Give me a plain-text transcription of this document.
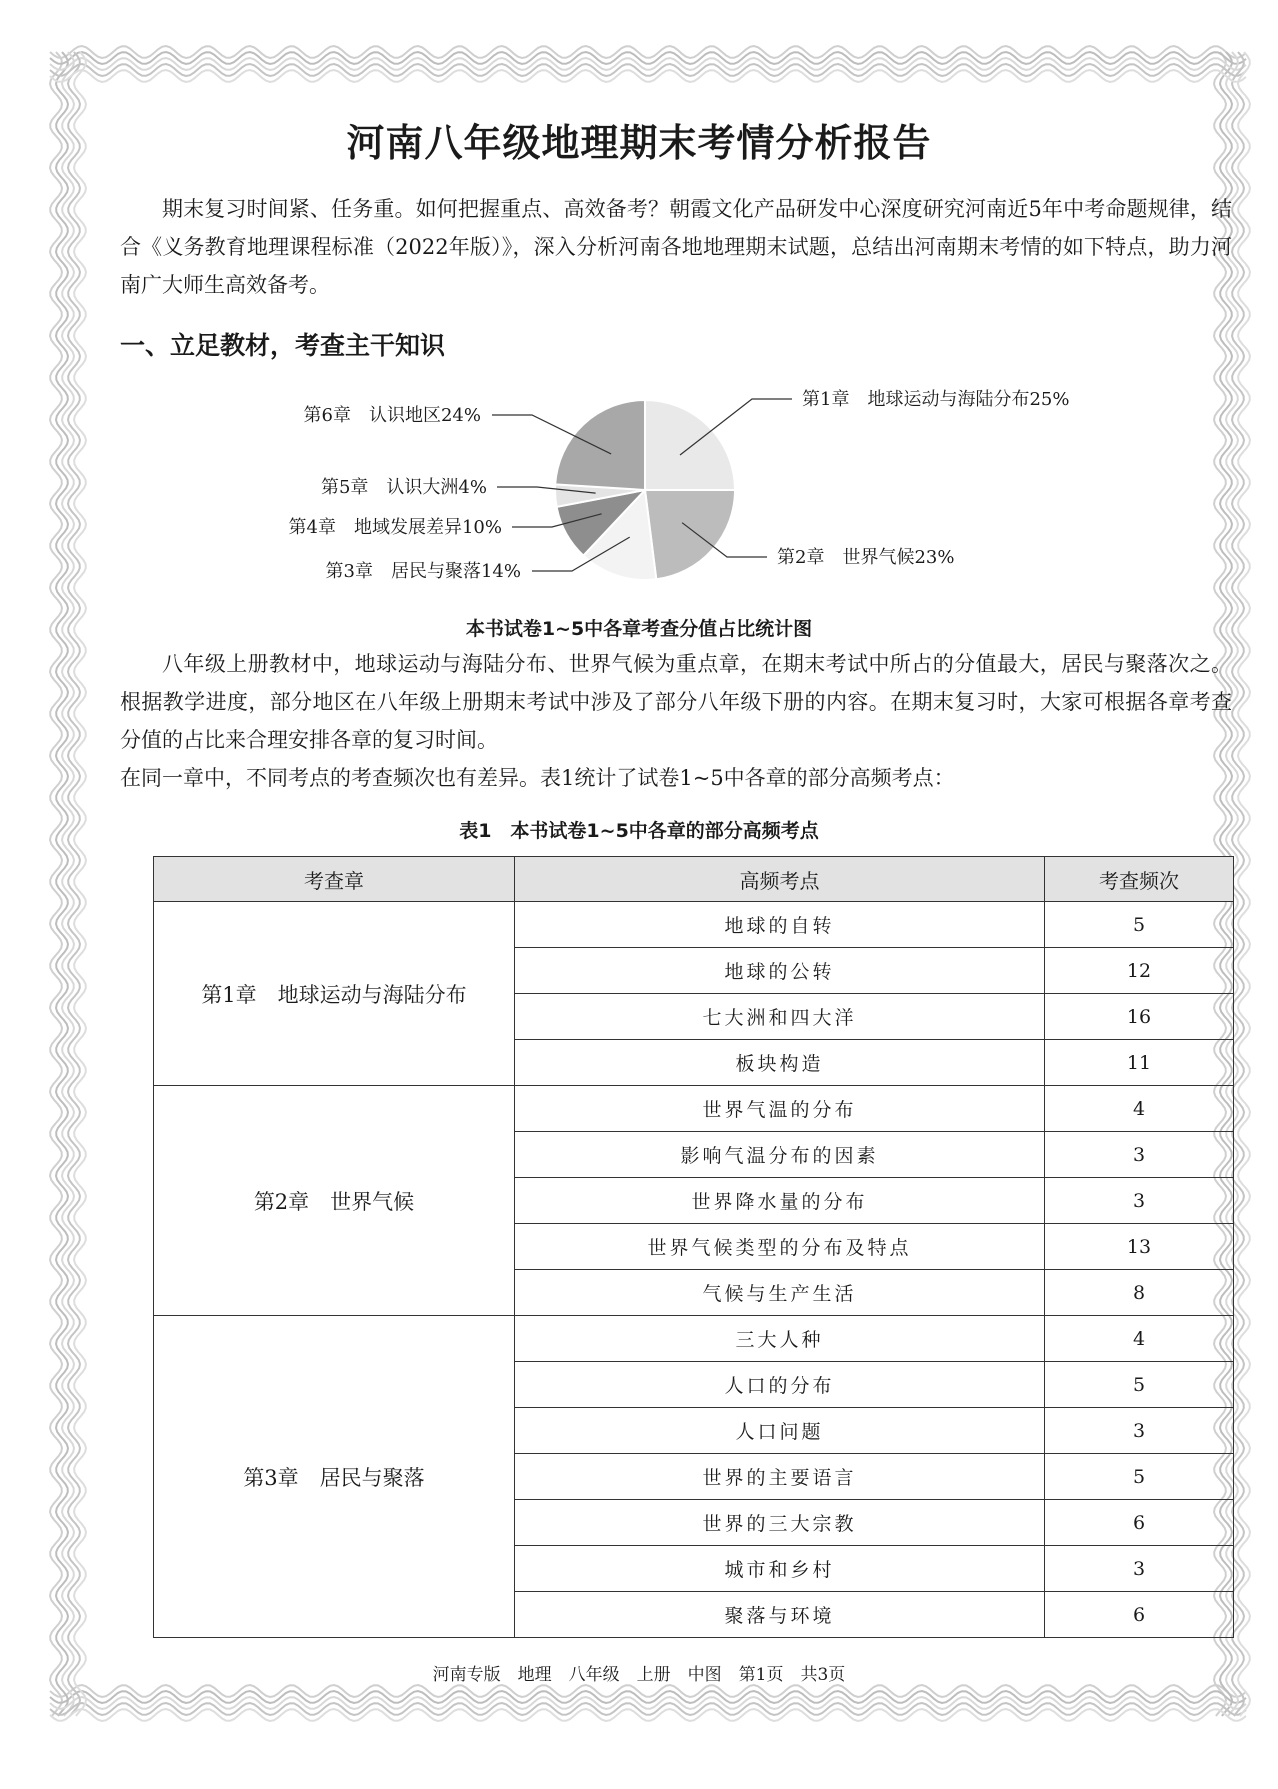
河南八年级地理期末考情分析报告

期末复习时间紧、任务重。如何把握重点、高效备考？朝霞文化产品研发中心深度研究河南近5年中考命题规律，结合《义务教育地理课程标准（2022年版）》，深入分析河南各地地理期末试题，总结出河南期末考情的如下特点，助力河南广大师生高效备考。

一、立足教材，考查主干知识
第1章　地球运动与海陆分布25%
第2章　世界气候23%
第3章　居民与聚落14%
第4章　地域发展差异10%
第5章　认识大洲4%
第6章　认识地区24%
本书试卷1~5中各章考查分值占比统计图

八年级上册教材中，地球运动与海陆分布、世界气候为重点章，在期末考试中所占的分值最大，居民与聚落次之。根据教学进度，部分地区在八年级上册期末考试中涉及了部分八年级下册的内容。在期末复习时，大家可根据各章考查分值的占比来合理安排各章的复习时间。
在同一章中，不同考点的考查频次也有差异。表1统计了试卷1~5中各章的部分高频考点：

表1　本书试卷1~5中各章的部分高频考点
考查章	高频考点	考查频次
第1章　地球运动与海陆分布	地球的自转	5
	地球的公转	12
	七大洲和四大洋	16
	板块构造	11
第2章　世界气候	世界气温的分布	4
	影响气温分布的因素	3
	世界降水量的分布	3
	世界气候类型的分布及特点	13
	气候与生产生活	8
第3章　居民与聚落	三大人种	4
	人口的分布	5
	人口问题	3
	世界的主要语言	5
	世界的三大宗教	6
	城市和乡村	3
	聚落与环境	6
河南专版　地理　八年级　上册　中图　第1页　共3页
